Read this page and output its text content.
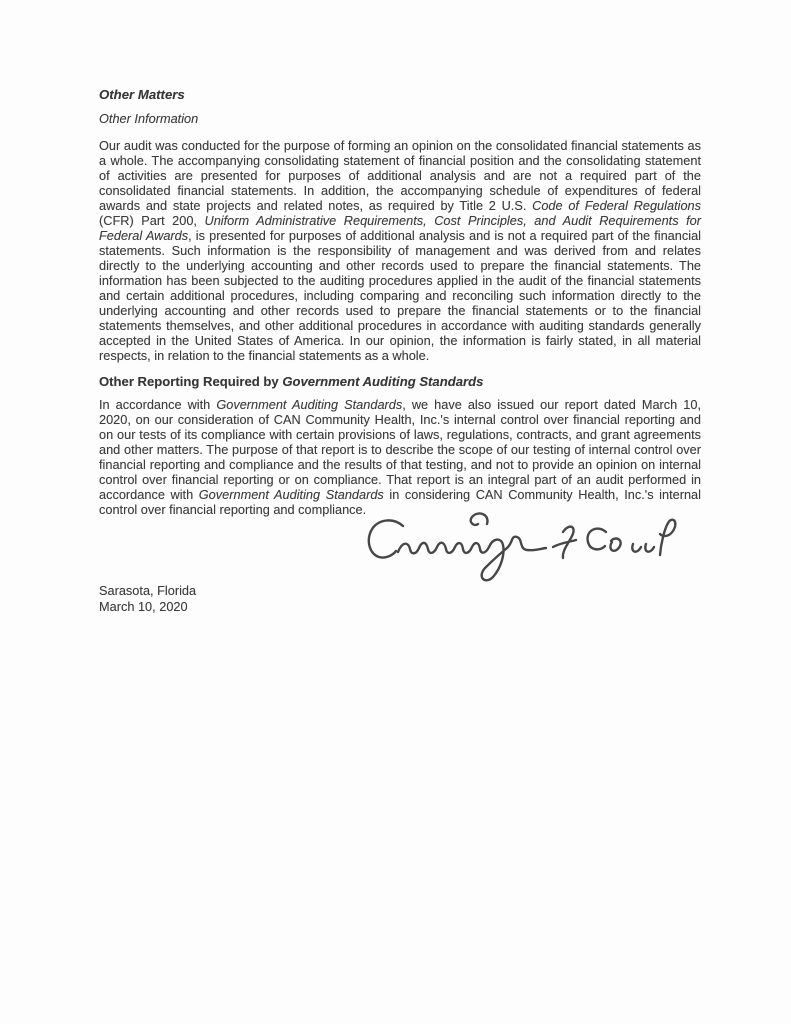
Other Matters
Other Information

Our audit was conducted for the purpose of forming an opinion on the consolidated financial statements as a whole. The accompanying consolidating statement of financial position and the consolidating statement of activities are presented for purposes of additional analysis and are not a required part of the consolidated financial statements. In addition, the accompanying schedule of expenditures of federal awards and state projects and related notes, as required by Title 2 U.S. Code of Federal Regulations (CFR) Part 200, Uniform Administrative Requirements, Cost Principles, and Audit Requirements for Federal Awards, is presented for purposes of additional analysis and is not a required part of the financial statements. Such information is the responsibility of management and was derived from and relates directly to the underlying accounting and other records used to prepare the financial statements. The information has been subjected to the auditing procedures applied in the audit of the financial statements and certain additional procedures, including comparing and reconciling such information directly to the underlying accounting and other records used to prepare the financial statements or to the financial statements themselves, and other additional procedures in accordance with auditing standards generally accepted in the United States of America. In our opinion, the information is fairly stated, in all material respects, in relation to the financial statements as a whole.

Other Reporting Required by Government Auditing Standards

In accordance with Government Auditing Standards, we have also issued our report dated March 10, 2020, on our consideration of CAN Community Health, Inc.'s internal control over financial reporting and on our tests of its compliance with certain provisions of laws, regulations, contracts, and grant agreements and other matters. The purpose of that report is to describe the scope of our testing of internal control over financial reporting and compliance and the results of that testing, and not to provide an opinion on internal control over financial reporting or on compliance. That report is an integral part of an audit performed in accordance with Government Auditing Standards in considering CAN Community Health, Inc.'s internal control over financial reporting and compliance.

Sarasota, Florida
March 10, 2020
